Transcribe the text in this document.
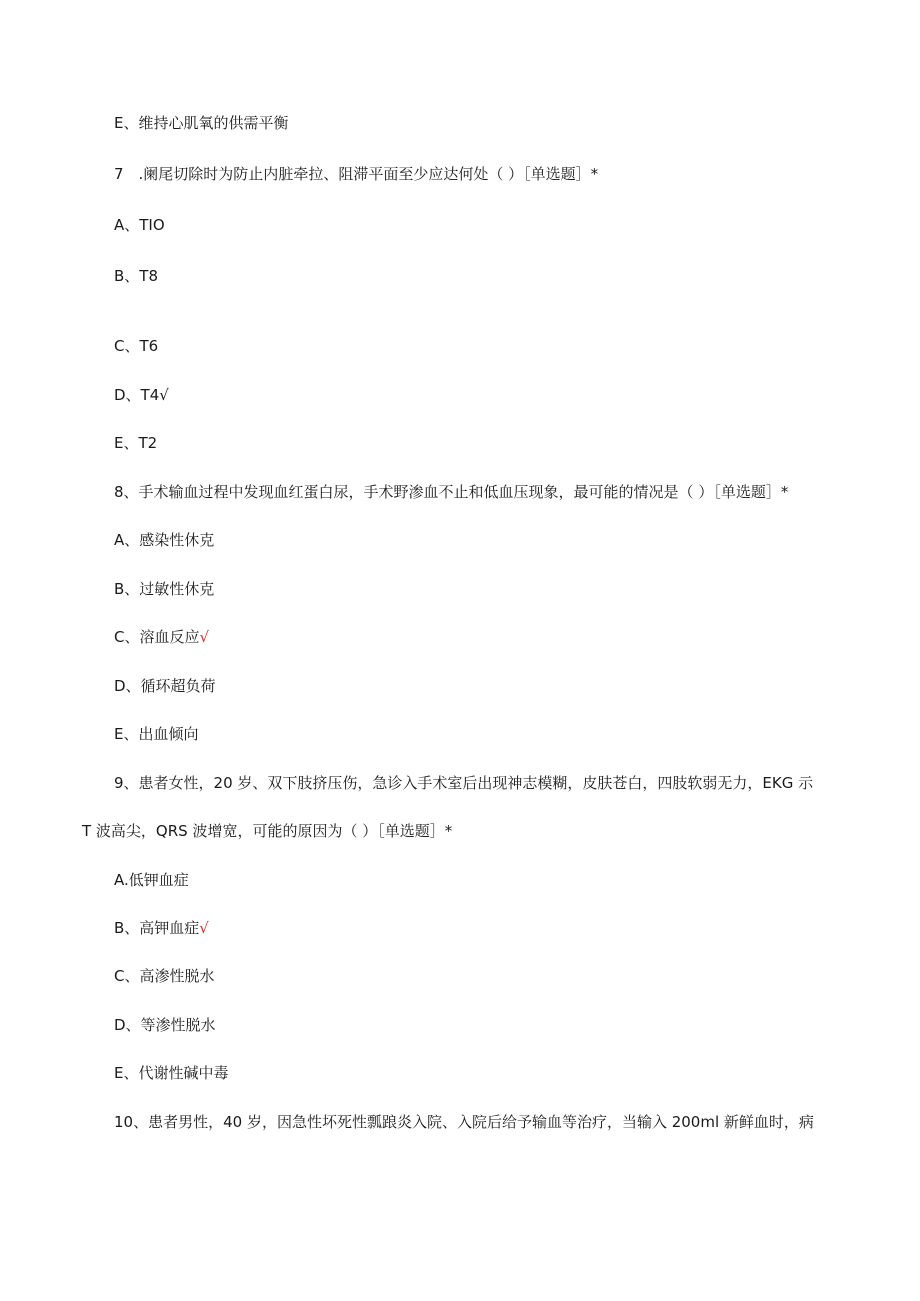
E、维持心肌氧的供需平衡
7　.阑尾切除时为防止内脏牵拉、阻滞平面至少应达何处（ ）［单选题］*
A、TIO
B、T8
C、T6
D、T4√
E、T2
8、手术输血过程中发现血红蛋白尿，手术野渗血不止和低血压现象，最可能的情况是（ ）［单选题］*
A、感染性休克
B、过敏性休克
C、溶血反应√
D、循环超负荷
E、出血倾向
9、患者女性，20 岁、双下肢挤压伤，急诊入手术室后出现神志模糊，皮肤苍白，四肢软弱无力，EKG 示
T 波高尖，QRS 波增宽，可能的原因为（ ）［单选题］*
A.低钾血症
B、高钾血症√
C、高渗性脱水
D、等渗性脱水
E、代谢性碱中毒
10、患者男性，40 岁，因急性坏死性瓢踉炎入院、入院后给予输血等治疗，当输入 200ml 新鲜血时，病
